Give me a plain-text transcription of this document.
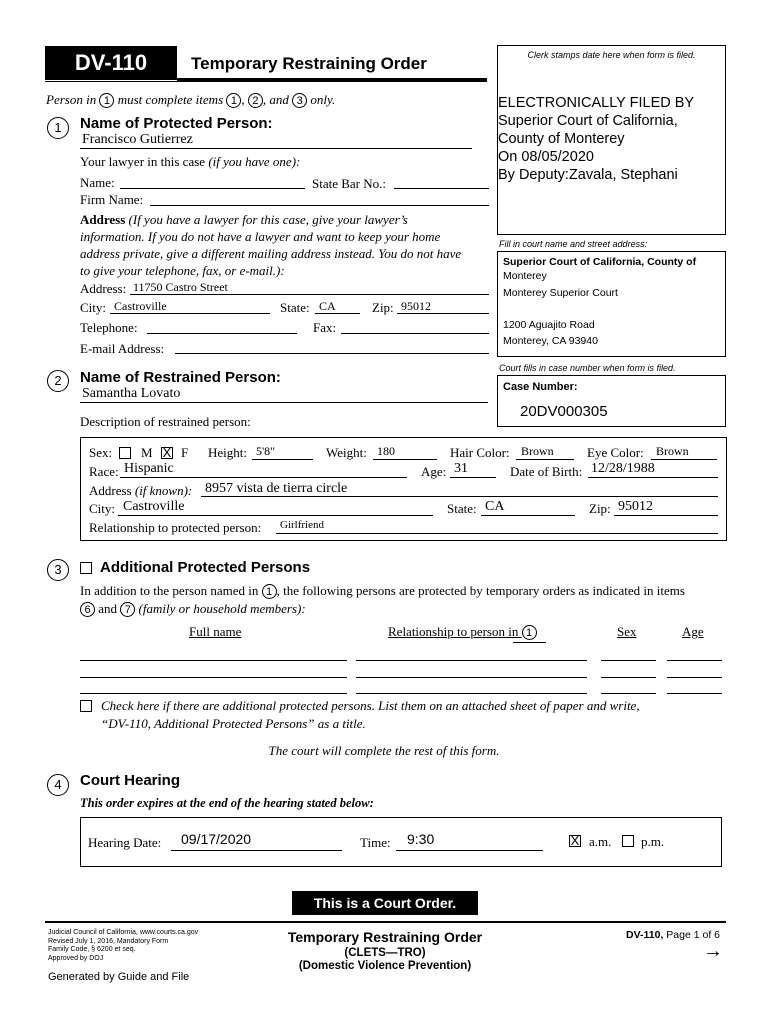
DV-110	Temporary Restraining Order
Person in 1 must complete items 1 , 2 , and 3 only.
Clerk stamps date here when form is filed.
ELECTRONICALLY FILED BY
Superior Court of California,
County of Monterey
On 08/05/2020
By Deputy:Zavala, Stephani
Fill in court name and street address:
Superior Court of California, County of
Monterey
Monterey Superior Court
1200 Aguajito Road
Monterey, CA 93940
Court fills in case number when form is filed.
Case Number:
20DV000305
1	Name of Protected Person:
Francisco Gutierrez
Your lawyer in this case (if you have one):
Name:	State Bar No.:
Firm Name:
Address (If you have a lawyer for this case, give your lawyer’s
information. If you do not have a lawyer and want to keep your home
address private, give a different mailing address instead. You do not have
to give your telephone, fax, or e-mail.):
Address: 11750 Castro Street
City: Castroville	State: CA	Zip: 95012
Telephone:	Fax:
E-mail Address:
2	Name of Restrained Person:
Samantha Lovato
Description of restrained person:
Sex: M X F Height: 5'8"	Weight: 180	Hair Color: Brown	Eye Color: Brown
Race: Hispanic	Age: 31	Date of Birth: 12/28/1988
Address (if known): 8957 vista de tierra circle
City: Castroville	State: CA	Zip: 95012
Relationship to protected person: Girlfriend
3	Additional Protected Persons
In addition to the person named in 1 , the following persons are protected by temporary orders as indicated in items
6 and 7 (family or household members):
Full name	Relationship to person in 1	Sex	Age
Check here if there are additional protected persons. List them on an attached sheet of paper and write,
“DV-110, Additional Protected Persons” as a title.
The court will complete the rest of this form.
4	Court Hearing
This order expires at the end of the hearing stated below:
Hearing Date: 09/17/2020	Time: 9:30	X a.m. p.m.
This is a Court Order.
Judicial Council of California, www.courts.ca.gov
Revised July 1, 2016, Mandatory Form
Family Code, § 6200 et seq.
Approved by DOJ
Generated by Guide and File
Temporary Restraining Order
(CLETS—TRO)
(Domestic Violence Prevention)
DV-110, Page 1 of 6
→
